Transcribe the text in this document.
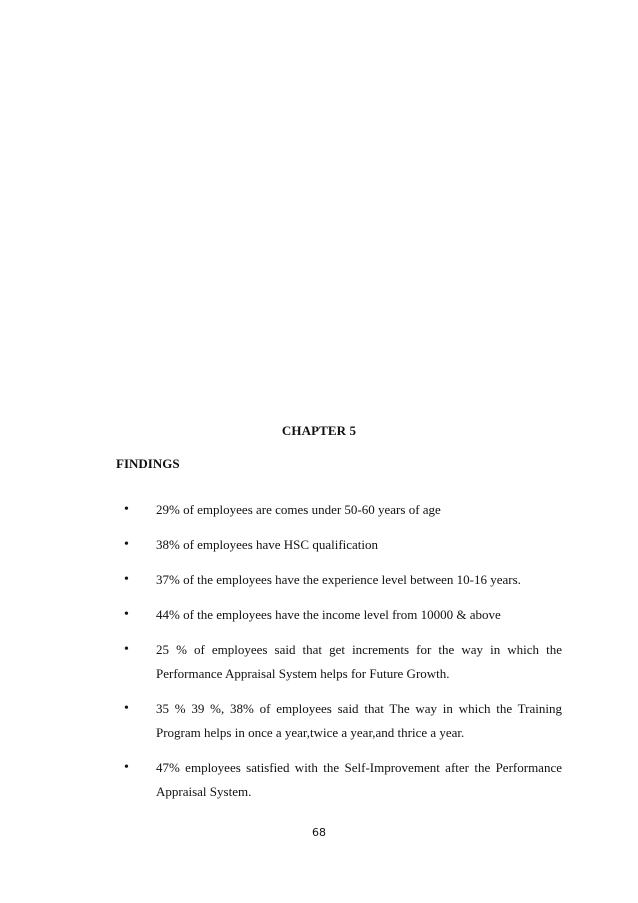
CHAPTER 5
FINDINGS
• 29% of employees are comes under 50-60 years of age
• 38% of employees have HSC qualification
• 37% of the employees have the experience level between 10-16 years.
• 44% of the employees have the income level from 10000 & above
• 25 % of employees said that get increments for the way in which the Performance Appraisal System helps for Future Growth.
• 35 % 39 %, 38% of employees said that The way in which the Training Program helps in once a year,twice a year,and thrice a year.
• 47% employees satisfied with the Self-Improvement after the Performance Appraisal System.
68
